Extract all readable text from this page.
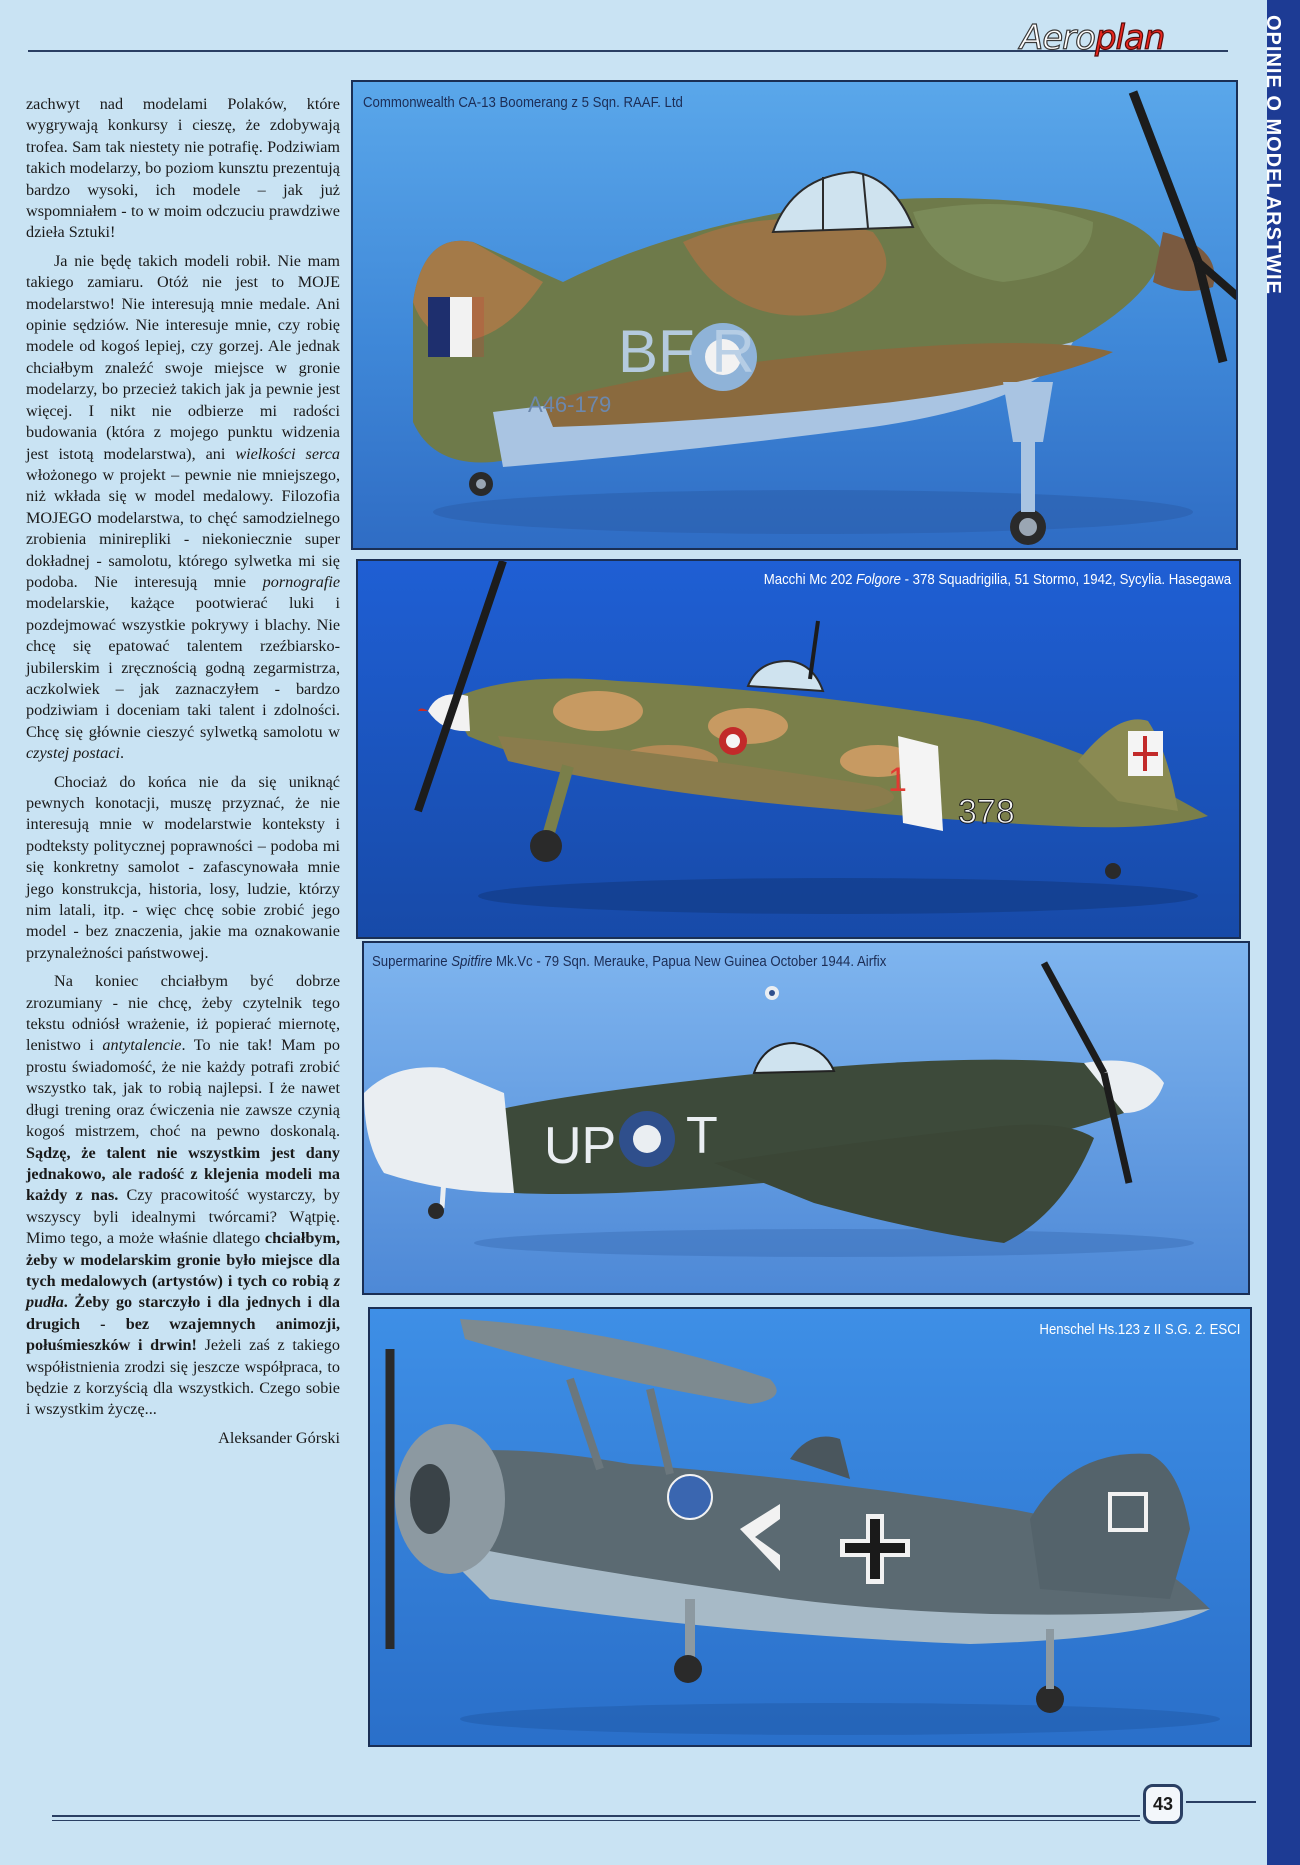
Aeroplan	OPINIE O MODELARSTWIE

zachwyt nad modelami Polaków, które wygrywają konkursy i cieszę, że zdobywają trofea. Sam tak niestety nie potrafię. Podziwiam takich modelarzy, bo poziom kunsztu prezentują bardzo wysoki, ich modele – jak już wspomniałem - to w moim odczuciu prawdziwe dzieła Sztuki!

Ja nie będę takich modeli robił. Nie mam takiego zamiaru. Otóż nie jest to MOJE modelarstwo! Nie interesują mnie medale. Ani opinie sędziów. Nie interesuje mnie, czy robię modele od kogoś lepiej, czy gorzej. Ale jednak chciałbym znaleźć swoje miejsce w gronie modelarzy, bo przecież takich jak ja pewnie jest więcej. I nikt nie odbierze mi radości budowania (która z mojego punktu widzenia jest istotą modelarstwa), ani wielkości serca włożonego w projekt – pewnie nie mniejszego, niż wkłada się w model medalowy. Filozofia MOJEGO modelarstwa, to chęć samodzielnego zrobienia minirepliki - niekoniecznie super dokładnej - samolotu, którego sylwetka mi się podoba. Nie interesują mnie pornografie modelarskie, każące pootwierać luki i pozdejmować wszystkie pokrywy i blachy. Nie chcę się epatować talentem rzeźbiarsko-jubilerskim i zręcznością godną zegarmistrza, aczkolwiek – jak zaznaczyłem - bardzo podziwiam i doceniam taki talent i zdolności. Chcę się głównie cieszyć sylwetką samolotu w czystej postaci.

Chociaż do końca nie da się uniknąć pewnych konotacji, muszę przyznać, że nie interesują mnie w modelarstwie konteksty i podteksty politycznej poprawności – podoba mi się konkretny samolot - zafascynowała mnie jego konstrukcja, historia, losy, ludzie, którzy nim latali, itp. - więc chcę sobie zrobić jego model - bez znaczenia, jakie ma oznakowanie przynależności państwowej.

Na koniec chciałbym być dobrze zrozumiany - nie chcę, żeby czytelnik tego tekstu odniósł wrażenie, iż popierać miernotę, lenistwo i antytalencie. To nie tak! Mam po prostu świadomość, że nie każdy potrafi zrobić wszystko tak, jak to robią najlepsi. I że nawet długi trening oraz ćwiczenia nie zawsze czynią kogoś mistrzem, choć na pewno doskonalą. Sądzę, że talent nie wszystkim jest dany jednakowo, ale radość z klejenia modeli ma każdy z nas. Czy pracowitość wystarczy, by wszyscy byli idealnymi twórcami? Wątpię. Mimo tego, a może właśnie dlatego chciałbym, żeby w modelarskim gronie było miejsce dla tych medalowych (artystów) i tych co robią z pudła. Żeby go starczyło i dla jednych i dla drugich - bez wzajemnych animozji, połuśmieszków i drwin! Jeżeli zaś z takiego współistnienia zrodzi się jeszcze współpraca, to będzie z korzyścią dla wszystkich. Czego sobie i wszystkim życzę...

Aleksander Górski
BF R
A46-179
Commonwealth CA-13 Boomerang z 5 Sqn. RAAF. Ltd
1
378
Macchi Mc 202 Folgore - 378 Squadrigilia, 51 Stormo, 1942, Sycylia. Hasegawa
UP T
Supermarine Spitfire Mk.Vc - 79 Sqn. Merauke, Papua New Guinea October 1944. Airfix
Henschel Hs.123 z II S.G. 2. ESCI
43
